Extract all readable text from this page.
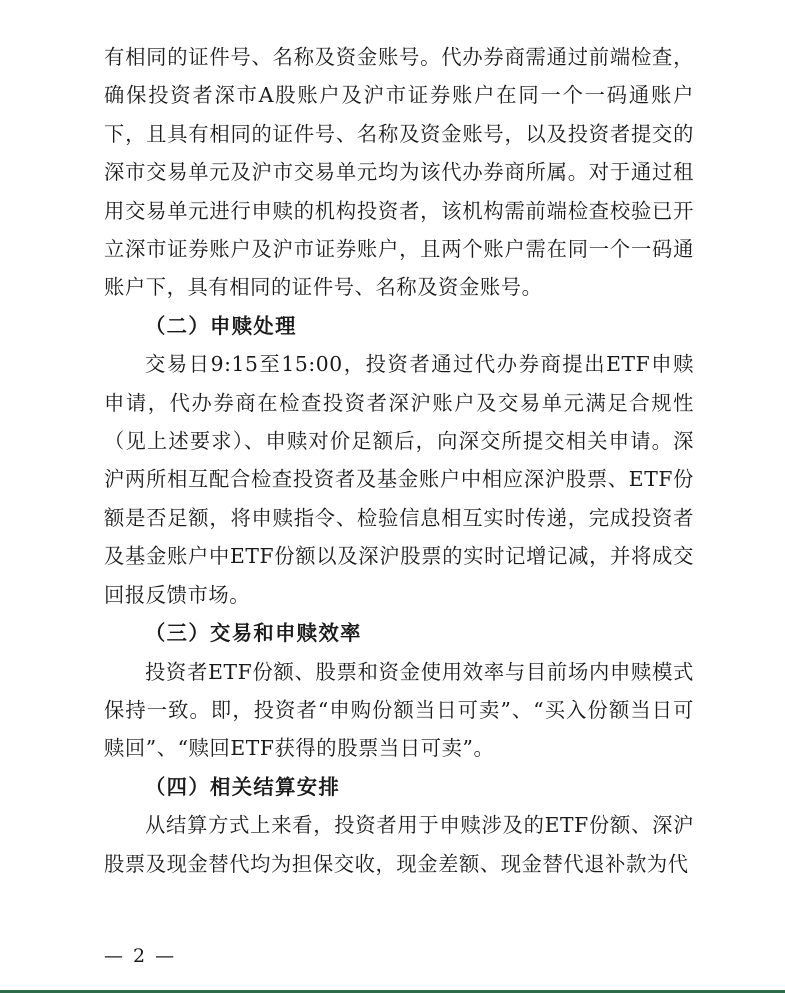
有相同的证件号、名称及资金账号。代办券商需通过前端检查，确保投资者深市A股账户及沪市证券账户在同一个一码通账户下，且具有相同的证件号、名称及资金账号，以及投资者提交的深市交易单元及沪市交易单元均为该代办券商所属。对于通过租用交易单元进行申赎的机构投资者，该机构需前端检查校验已开立深市证券账户及沪市证券账户，且两个账户需在同一个一码通账户下，具有相同的证件号、名称及资金账号。

（二）申赎处理

交易日9:15至15:00，投资者通过代办券商提出ETF申赎申请，代办券商在检查投资者深沪账户及交易单元满足合规性（见上述要求）、申赎对价足额后，向深交所提交相关申请。深沪两所相互配合检查投资者及基金账户中相应深沪股票、ETF份额是否足额，将申赎指令、检验信息相互实时传递，完成投资者及基金账户中ETF份额以及深沪股票的实时记增记减，并将成交回报反馈市场。

（三）交易和申赎效率

投资者ETF份额、股票和资金使用效率与目前场内申赎模式保持一致。即，投资者“申购份额当日可卖”、“买入份额当日可赎回”、“赎回ETF获得的股票当日可卖”。

（四）相关结算安排

从结算方式上来看，投资者用于申赎涉及的ETF份额、深沪股票及现金替代均为担保交收，现金差额、现金替代退补款为代

— 2 —
